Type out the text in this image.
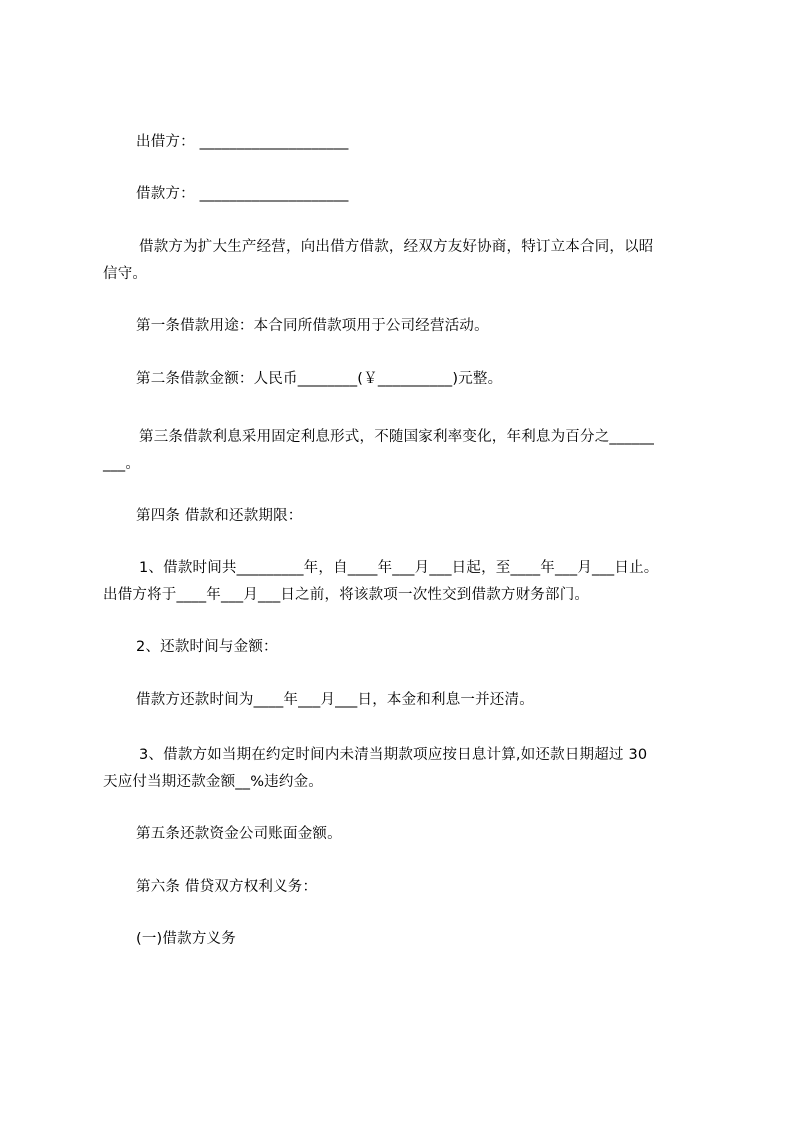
出借方： ____________________
借款方： ____________________
借款方为扩大生产经营，向出借方借款，经双方友好协商，特订立本合同，以昭
信守。
第一条借款用途：本合同所借款项用于公司经营活动。
第二条借款金额：人民币________(￥__________)元整。
第三条借款利息采用固定利息形式，不随国家利率变化，年利息为百分之______
___。
第四条 借款和还款期限：
1、借款时间共_________年，自____年___月___日起，至____年___月___日止。
出借方将于____年___月___日之前，将该款项一次性交到借款方财务部门。
2、还款时间与金额：
借款方还款时间为____年___月___日，本金和利息一并还清。
3、借款方如当期在约定时间内未清当期款项应按日息计算,如还款日期超过 30
天应付当期还款金额__%违约金。
第五条还款资金公司账面金额。
第六条 借贷双方权利义务：
(一)借款方义务
